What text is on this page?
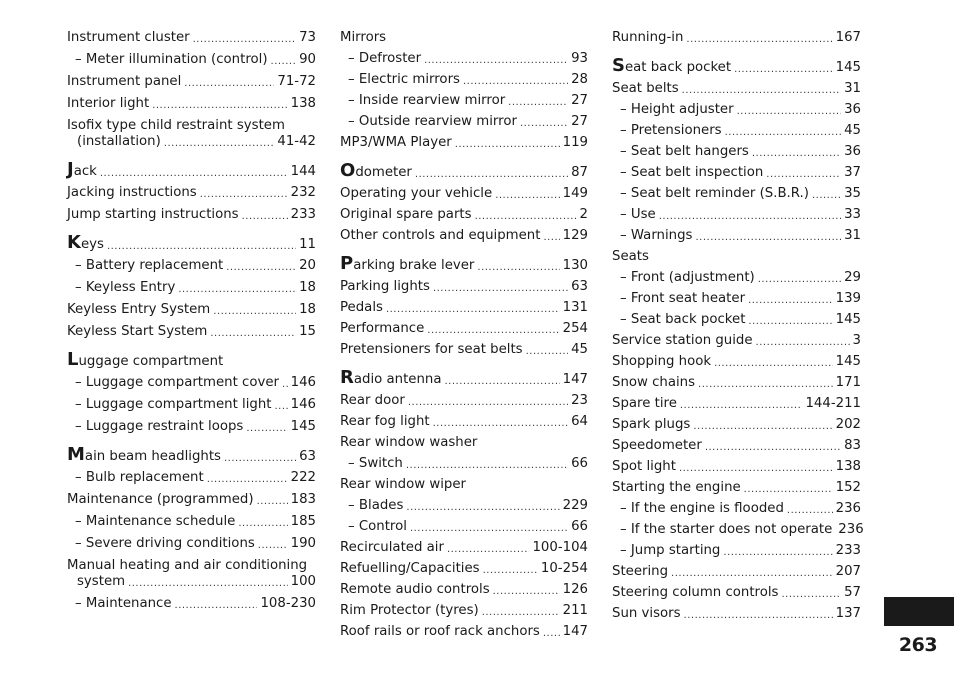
Instrument cluster .....	73
– Meter illumination (control) ..... 90
Instrument panel .....	71-72
Interior light .....	138
Isofix type child restraint system
(installation) .....	41-42
Jack .....	144
Jacking instructions .....	232
Jump starting instructions .....	233
Keys .....	11
– Battery replacement .....	20
– Keyless Entry .....	18
Keyless Entry System .....	18
Keyless Start System .....	15
Luggage compartment
– Luggage compartment cover ..... 146
– Luggage compartment light ..... 146
– Luggage restraint loops .....	145
Main beam headlights .....	63
– Bulb replacement .....	222
Maintenance (programmed) .....	183
– Maintenance schedule .....	185
– Severe driving conditions .....	190
Manual heating and air conditioning
system .....	100
– Maintenance .....	108-230
Mirrors
– Defroster .....	93
– Electric mirrors .....	28
– Inside rearview mirror .....	27
– Outside rearview mirror .....	27
MP3/WMA Player .....	119
Odometer .....	87
Operating your vehicle .....	149
Original spare parts .....	2
Other controls and equipment ..... 129
Parking brake lever .....	130
Parking lights .....	63
Pedals .....	131
Performance .....	254
Pretensioners for seat belts .....	45
Radio antenna .....	147
Rear door .....	23
Rear fog light .....	64
Rear window washer
– Switch .....	66
Rear window wiper
– Blades .....	229
– Control .....	66
Recirculated air .....	100-104
Refuelling/Capacities .....	10-254
Remote audio controls .....	126
Rim Protector (tyres) .....	211
Roof rails or roof rack anchors ..... 147
Running-in .....	167
Seat back pocket .....	145
Seat belts .....	31
– Height adjuster .....	36
– Pretensioners .....	45
– Seat belt hangers .....	36
– Seat belt inspection .....	37
– Seat belt reminder (S.B.R.) .....	35
– Use .....	33
– Warnings .....	31
Seats
– Front (adjustment) .....	29
– Front seat heater .....	139
– Seat back pocket .....	145
Service station guide .....	3
Shopping hook .....	145
Snow chains .....	171
Spare tire .....	144-211
Spark plugs .....	202
Speedometer .....	83
Spot light .....	138
Starting the engine .....	152
– If the engine is flooded .....	236
– If the starter does not operate 236
– Jump starting .....	233
Steering .....	207
Steering column controls .....	57
Sun visors .....	137
263
